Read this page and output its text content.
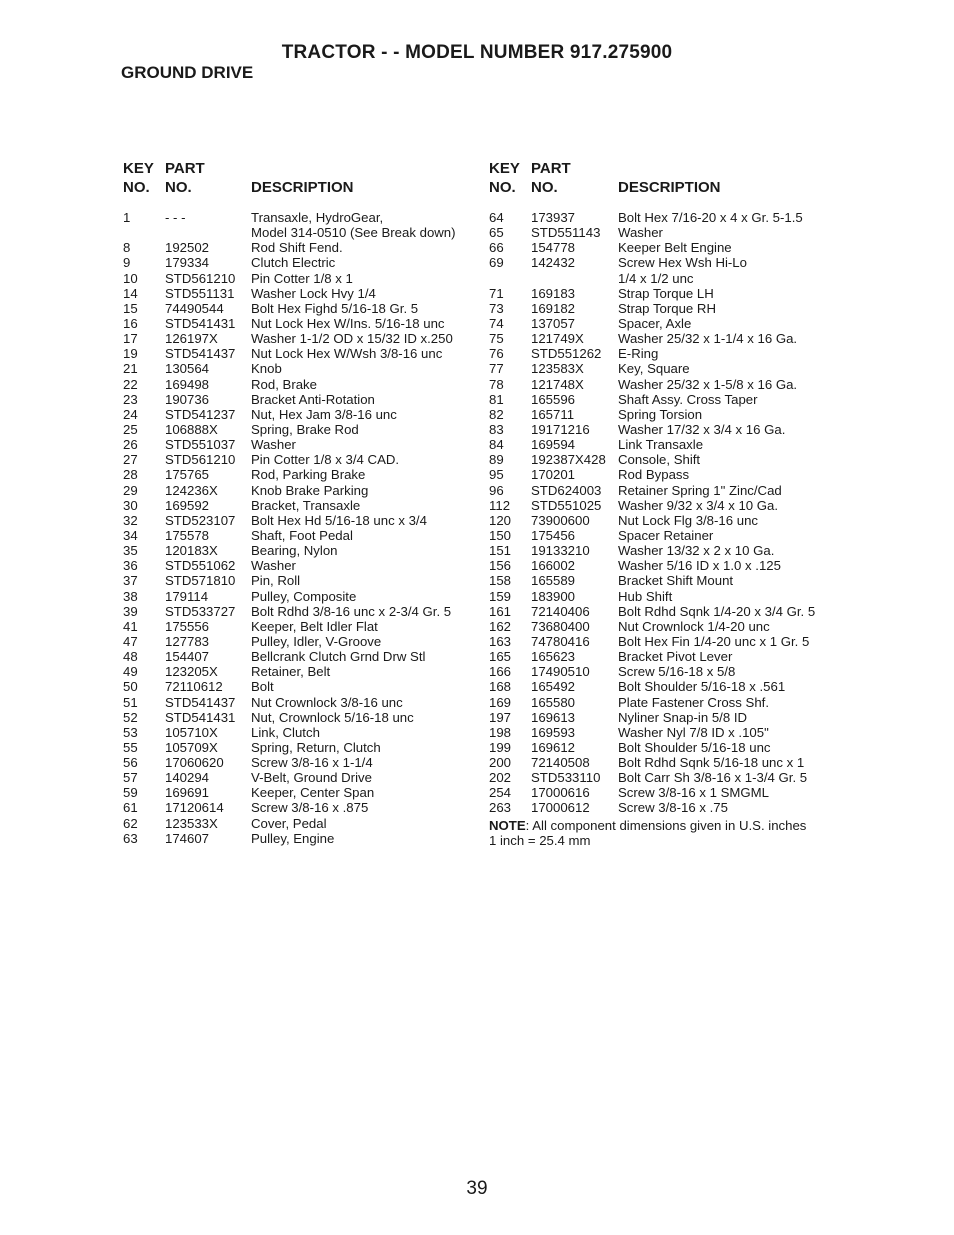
TRACTOR - - MODEL NUMBER 917.275900
GROUND DRIVE
KEY
NO.
PART
NO.	DESCRIPTION
1	- - -	Transaxle, HydroGear,
Model 314-0510 (See Break down)
8	192502	Rod Shift Fend.
9	179334	Clutch Electric
10 STD561210 Pin Cotter 1/8 x 1
14 STD551131 Washer Lock Hvy 1/4
15 74490544 Bolt Hex Fighd 5/16-18 Gr. 5
16 STD541431 Nut Lock Hex W/Ins. 5/16-18 unc
17 126197X	Washer 1-1/2 OD x 15/32 ID x.250
19 STD541437 Nut Lock Hex W/Wsh 3/8-16 unc
21 130564	Knob
22 169498	Rod, Brake
23 190736	Bracket Anti-Rotation
24 STD541237 Nut, Hex Jam 3/8-16 unc
25 106888X	Spring, Brake Rod
26 STD551037 Washer
27 STD561210 Pin Cotter 1/8 x 3/4 CAD.
28 175765	Rod, Parking Brake
29 124236X	Knob Brake Parking
30 169592	Bracket, Transaxle
32 STD523107 Bolt Hex Hd 5/16-18 unc x 3/4
34 175578	Shaft, Foot Pedal
35 120183X	Bearing, Nylon
36 STD551062 Washer
37 STD571810 Pin, Roll
38 179114	Pulley, Composite
39 STD533727 Bolt Rdhd 3/8-16 unc x 2-3/4 Gr. 5
41 175556	Keeper, Belt Idler Flat
47 127783	Pulley, Idler, V-Groove
48 154407	Bellcrank Clutch Grnd Drw Stl
49 123205X	Retainer, Belt
50 72110612 Bolt
51 STD541437 Nut Crownlock 3/8-16 unc
52 STD541431 Nut, Crownlock 5/16-18 unc
53 105710X	Link, Clutch
55 105709X	Spring, Return, Clutch
56 17060620 Screw 3/8-16 x 1-1/4
57 140294	V-Belt, Ground Drive
59 169691	Keeper, Center Span
61 17120614 Screw 3/8-16 x .875
62 123533X	Cover, Pedal
63 174607	Pulley, Engine
KEY
NO.
PART
NO.	DESCRIPTION
64 173937	Bolt Hex 7/16-20 x 4 x Gr. 5-1.5
65 STD551143 Washer
66 154778	Keeper Belt Engine
69 142432	Screw Hex Wsh Hi-Lo
1/4 x 1/2 unc
71 169183	Strap Torque LH
73 169182	Strap Torque RH
74 137057	Spacer, Axle
75 121749X	Washer 25/32 x 1-1/4 x 16 Ga.
76 STD551262 E-Ring
77 123583X	Key, Square
78 121748X	Washer 25/32 x 1-5/8 x 16 Ga.
81 165596	Shaft Assy. Cross Taper
82 165711	Spring Torsion
83 19171216 Washer 17/32 x 3/4 x 16 Ga.
84 169594	Link Transaxle
89 192387X428 Console, Shift
95 170201	Rod Bypass
96 STD624003 Retainer Spring 1" Zinc/Cad
112 STD551025 Washer 9/32 x 3/4 x 10 Ga.
120 73900600 Nut Lock Flg 3/8-16 unc
150 175456	Spacer Retainer
151 19133210 Washer 13/32 x 2 x 10 Ga.
156 166002	Washer 5/16 ID x 1.0 x .125
158 165589	Bracket Shift Mount
159 183900	Hub Shift
161 72140406 Bolt Rdhd Sqnk 1/4-20 x 3/4 Gr. 5
162 73680400 Nut Crownlock 1/4-20 unc
163 74780416 Bolt Hex Fin 1/4-20 unc x 1 Gr. 5
165 165623	Bracket Pivot Lever
166 17490510 Screw 5/16-18 x 5/8
168 165492	Bolt Shoulder 5/16-18 x .561
169 165580	Plate Fastener Cross Shf.
197 169613	Nyliner Snap-in 5/8 ID
198 169593	Washer Nyl 7/8 ID x .105"
199 169612	Bolt Shoulder 5/16-18 unc
200 72140508 Bolt Rdhd Sqnk 5/16-18 unc x 1
202 STD533110 Bolt Carr Sh 3/8-16 x 1-3/4 Gr. 5
254 17000616 Screw 3/8-16 x 1 SMGML
263 17000612 Screw 3/8-16 x .75
NOTE: All component dimensions given in U.S. inches
1 inch = 25.4 mm
39
